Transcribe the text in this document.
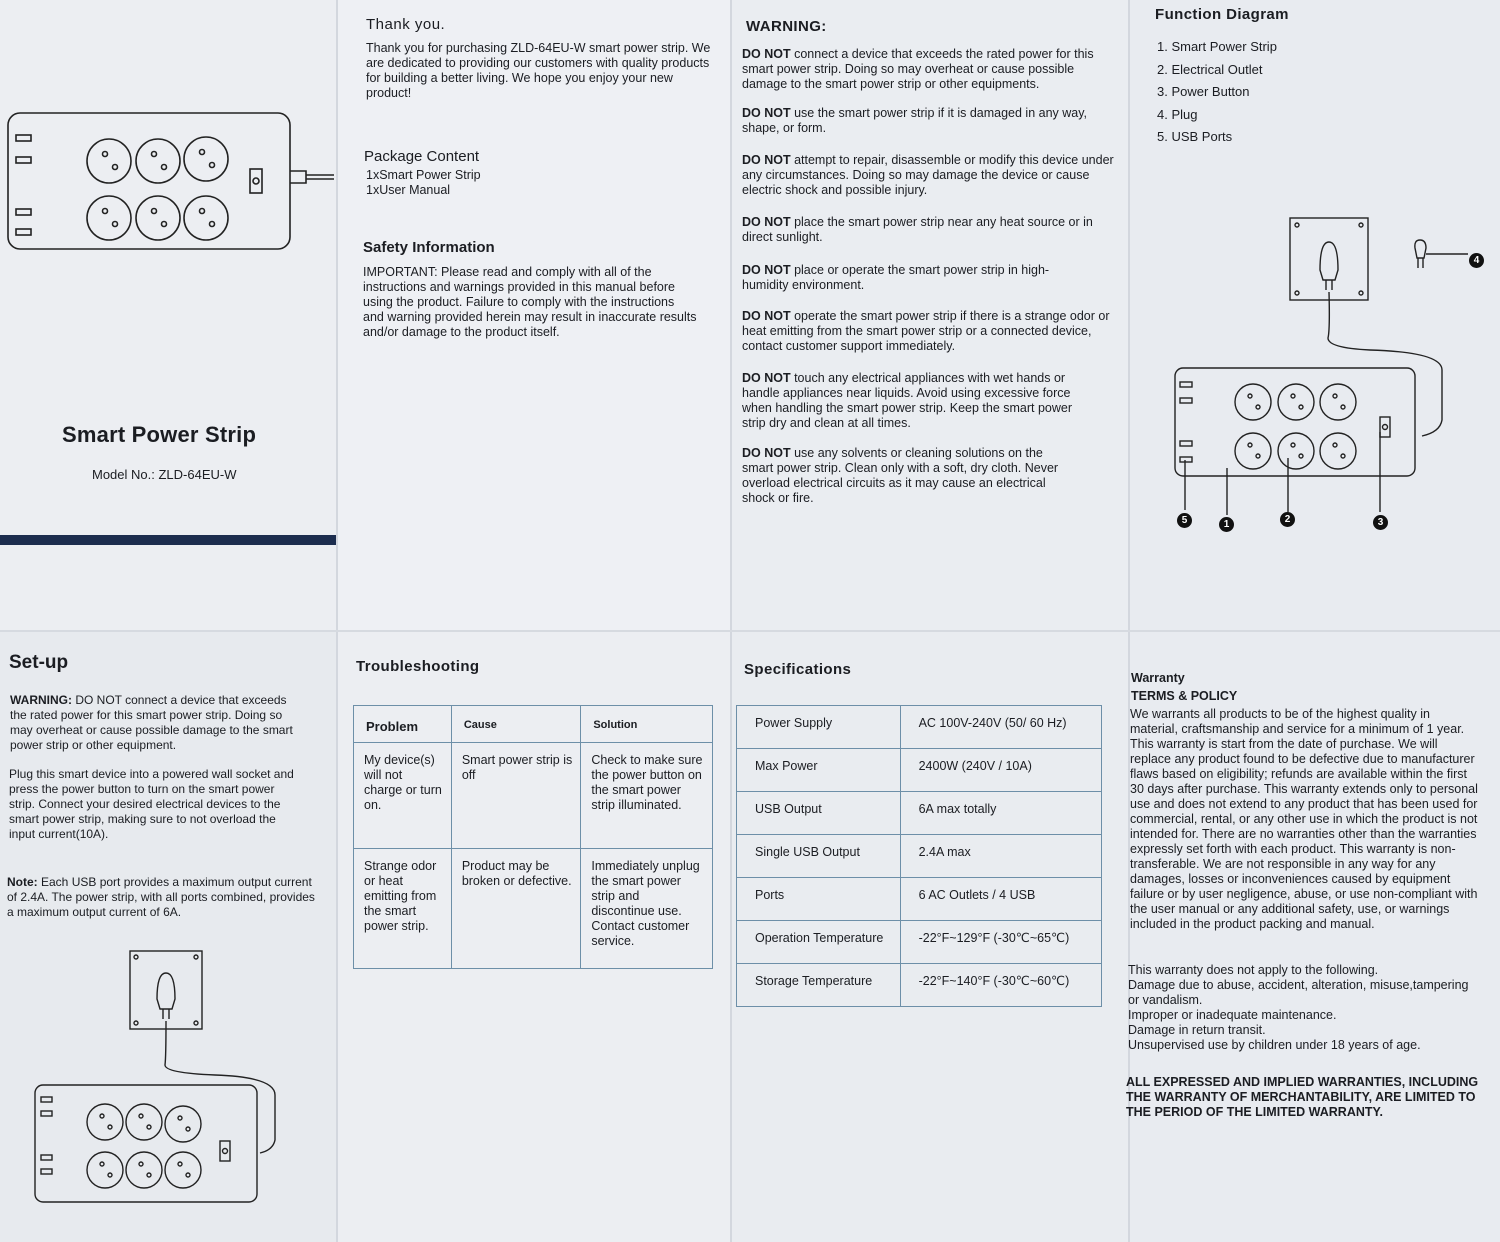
Smart Power Strip
Model No.: ZLD-64EU-W
Thank you.
Thank you for purchasing ZLD-64EU-W smart power strip. We are dedicated to providing our customers with quality products for building a better living. We hope you enjoy your new product!
Package Content

1xSmart Power Strip

1xUser Manual

Safety Information
IMPORTANT: Please read and comply with all of the instructions and warnings provided in this manual before using the product. Failure to comply with the instructions and warning provided herein may result in inaccurate results and/or damage to the product itself.
WARNING:
DO NOT connect a device that exceeds the rated power for this smart power strip. Doing so may overheat or cause possible damage to the smart power strip or other equipments.
DO NOT use the smart power strip if it is damaged in any way, shape, or form.
DO NOT attempt to repair, disassemble or modify this device under any circumstances. Doing so may damage the device or cause electric shock and possible injury.
DO NOT place the smart power strip near any heat source or in direct sunlight.
DO NOT place or operate the smart power strip in high-humidity environment.
DO NOT operate the smart power strip if there is a strange odor or heat emitting from the smart power strip or a connected device, contact customer support immediately.
DO NOT touch any electrical appliances with wet hands or handle appliances near liquids. Avoid using excessive force when handling the smart power strip. Keep the smart power strip dry and clean at all times.
DO NOT use any solvents or cleaning solutions on the smart power strip. Clean only with a soft, dry cloth. Never overload electrical circuits as it may cause an electrical shock or fire.
Function Diagram
1. Smart Power Strip
2. Electrical Outlet
3. Power Button
4. Plug
5. USB Ports
4
5	1	2	3
Set-up
WARNING: DO NOT connect a device that exceeds the rated power for this smart power strip. Doing so may overheat or cause possible damage to the smart power strip or other equipment.
Plug this smart device into a powered wall socket and press the power button to turn on the smart power strip. Connect your desired electrical devices to the smart power strip, making sure to not overload the input current(10A).
Note: Each USB port provides a maximum output current of 2.4A. The power strip, with all ports combined, provides a maximum output current of 6A.
Troubleshooting
Problem	Cause	Solution
My device(s) will not charge or turn on.	Smart power strip is off	Check to make sure the power button on the smart power strip illuminated.
Strange odor or heat emitting from the smart power strip.	Product may be broken or defective.	Immediately unplug the smart power strip and discontinue use. Contact customer service.
Specifications
Power Supply	AC 100V-240V (50/ 60 Hz)
Max Power	2400W (240V / 10A)
USB Output	6A max totally
Single USB Output	2.4A max
Ports	6 AC Outlets / 4 USB
Operation Temperature	-22°F~129°F (-30℃~65℃)
Storage Temperature	-22°F~140°F (-30℃~60℃)
Warranty
TERMS & POLICY
We warrants all products to be of the highest quality in material, craftsmanship and service for a minimum of 1 year. This warranty is start from the date of purchase. We will replace any product found to be defective due to manufacturer flaws based on eligibility; refunds are available within the first 30 days after purchase. This warranty extends only to personal use and does not extend to any product that has been used for commercial, rental, or any other use in which the product is not intended for. There are no warranties other than the warranties expressly set forth with each product. This warranty is non-transferable. We are not responsible in any way for any damages, losses or inconveniences caused by equipment failure or by user negligence, abuse, or use non-compliant with the user manual or any additional safety, use, or warnings included in the product packing and manual.

This warranty does not apply to the following.

Damage due to abuse, accident, alteration, misuse,tampering or vandalism.

Improper or inadequate maintenance.

Damage in return transit.

Unsupervised use by children under 18 years of age.

ALL EXPRESSED AND IMPLIED WARRANTIES, INCLUDING THE WARRANTY OF MERCHANTABILITY, ARE LIMITED TO THE PERIOD OF THE LIMITED WARRANTY.
